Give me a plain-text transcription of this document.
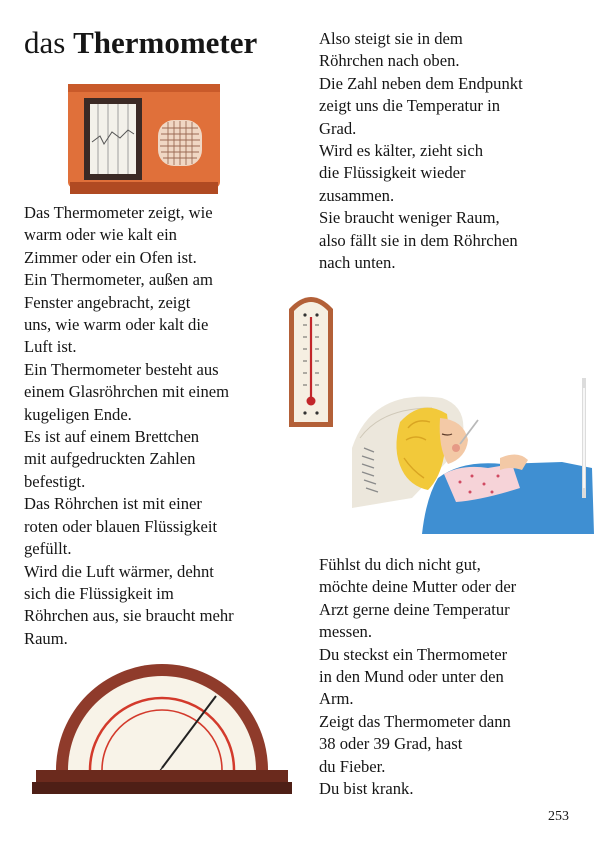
das Thermometer
Das Thermometer zeigt, wie
warm oder wie kalt ein
Zimmer oder ein Ofen ist.
Ein Thermometer, außen am
Fenster angebracht, zeigt
uns, wie warm oder kalt die
Luft ist.
Ein Thermometer besteht aus
einem Glasröhrchen mit einem
kugeligen Ende.
Es ist auf einem Brettchen
mit aufgedruckten Zahlen
befestigt.
Das Röhrchen ist mit einer
roten oder blauen Flüssigkeit
gefüllt.
Wird die Luft wärmer, dehnt
sich die Flüssigkeit im
Röhrchen aus, sie braucht mehr
Raum.
Also steigt sie in dem
Röhrchen nach oben.
Die Zahl neben dem Endpunkt
zeigt uns die Temperatur in
Grad.
Wird es kälter, zieht sich
die Flüssigkeit wieder
zusammen.
Sie braucht weniger Raum,
also fällt sie in dem Röhrchen
nach unten.
Fühlst du dich nicht gut,
möchte deine Mutter oder der
Arzt gerne deine Temperatur
messen.
Du steckst ein Thermometer
in den Mund oder unter den
Arm.
Zeigt das Thermometer dann
38 oder 39 Grad, hast
du Fieber.
Du bist krank.
253
